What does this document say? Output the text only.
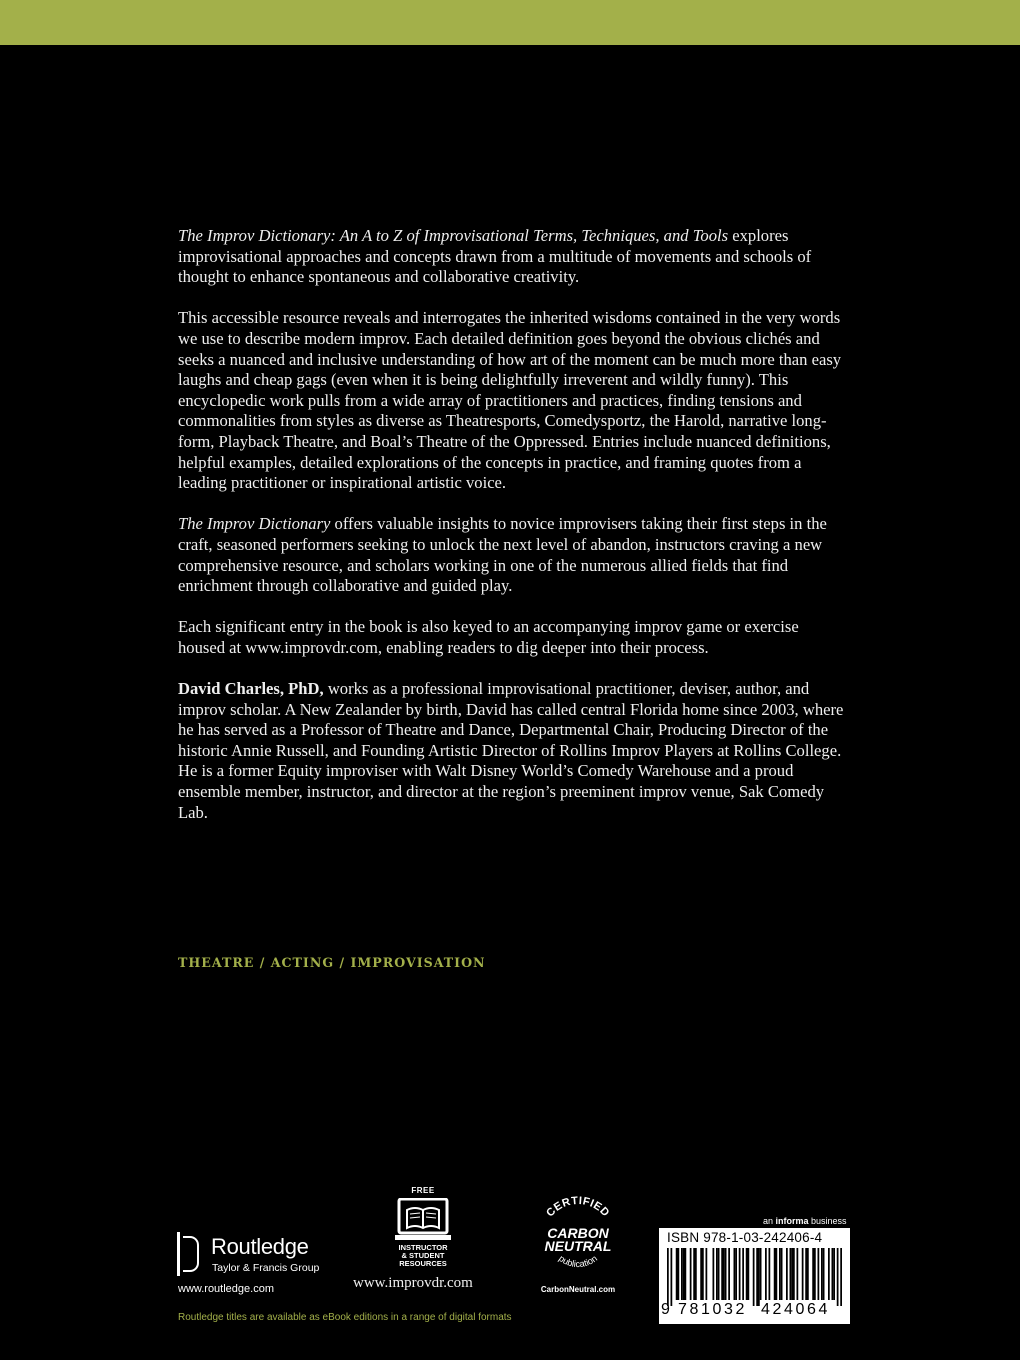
The Improv Dictionary: An A to Z of Improvisational Terms, Techniques, and Tools explores improvisational approaches and concepts drawn from a multitude of movements and schools of thought to enhance spontaneous and collaborative creativity.

This accessible resource reveals and interrogates the inherited wisdoms contained in the very words we use to describe modern improv. Each detailed definition goes beyond the obvious clichés and seeks a nuanced and inclusive understanding of how art of the moment can be much more than easy laughs and cheap gags (even when it is being delightfully irreverent and wildly funny). This encyclopedic work pulls from a wide array of practitioners and practices, finding tensions and commonalities from styles as diverse as Theatresports, Comedysportz, the Harold, narrative long-form, Playback Theatre, and Boal’s Theatre of the Oppressed. Entries include nuanced definitions, helpful examples, detailed explorations of the concepts in practice, and framing quotes from a leading practitioner or inspirational artistic voice.

The Improv Dictionary offers valuable insights to novice improvisers taking their first steps in the craft, seasoned performers seeking to unlock the next level of abandon, instructors craving a new comprehensive resource, and scholars working in one of the numerous allied fields that find enrichment through collaborative and guided play.

Each significant entry in the book is also keyed to an accompanying improv game or exercise housed at www.improvdr.com, enabling readers to dig deeper into their process.

David Charles, PhD, works as a professional improvisational practitioner, deviser, author, and improv scholar. A New Zealander by birth, David has called central Florida home since 2003, where he has served as a Professor of Theatre and Dance, Departmental Chair, Producing Director of the historic Annie Russell, and Founding Artistic Director of Rollins Improv Players at Rollins College. He is a former Equity improviser with Walt Disney World’s Comedy Warehouse and a proud ensemble member, instructor, and director at the region’s preeminent improv venue, Sak Comedy Lab.

THEATRE / ACTING / IMPROVISATION
Routledge
Taylor & Francis Group
www.routledge.com
FREE
INSTRUCTOR
& STUDENT
RESOURCES
www.improvdr.com
CERTIFIED
CARBON
NEUTRAL
publication
CarbonNeutral.com
an informa business
ISBN 978-1-03-242406-4
9 781032 424064
Routledge titles are available as eBook editions in a range of digital formats
